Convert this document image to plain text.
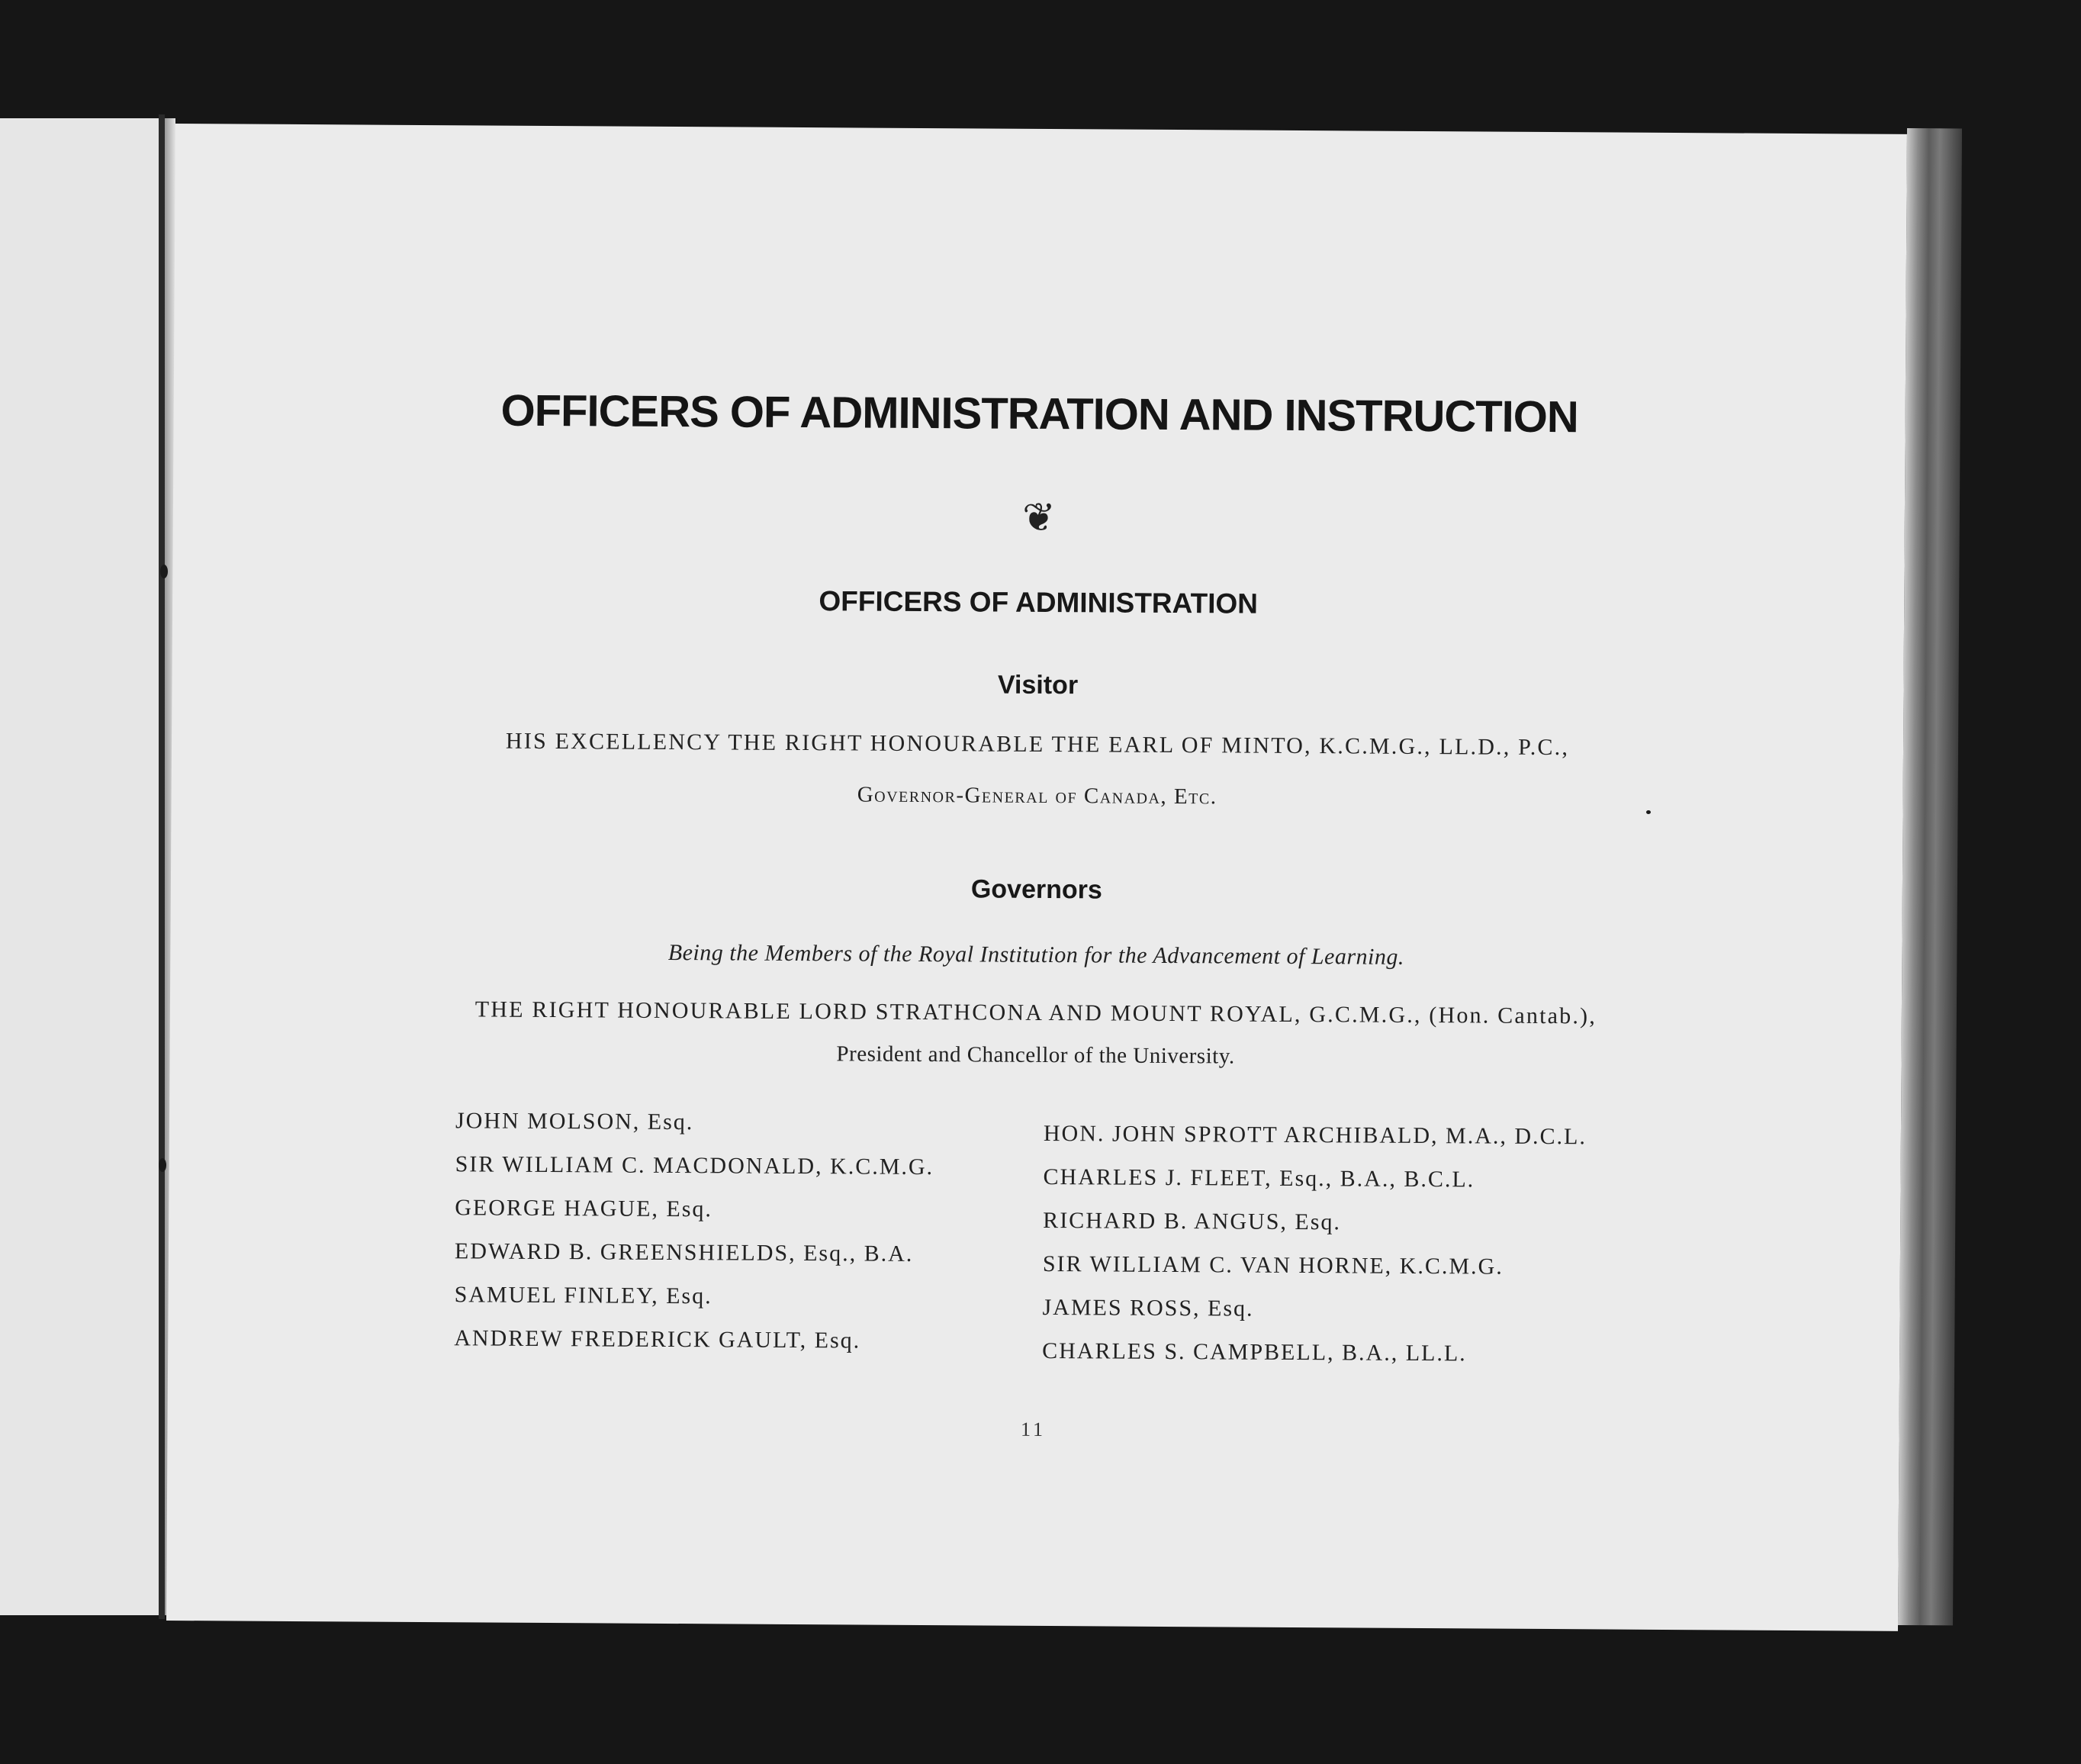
OFFICERS OF ADMINISTRATION AND INSTRUCTION
❦
OFFICERS OF ADMINISTRATION
Visitor
HIS EXCELLENCY THE RIGHT HONOURABLE THE EARL OF MINTO, K.C.M.G., LL.D., P.C.,
Governor-General of Canada, Etc.
Governors
Being the Members of the Royal Institution for the Advancement of Learning.
THE RIGHT HONOURABLE LORD STRATHCONA AND MOUNT ROYAL, G.C.M.G., (Hon. Cantab.),
President and Chancellor of the University.
JOHN MOLSON, Esq.
SIR WILLIAM C. MACDONALD, K.C.M.G.
GEORGE HAGUE, Esq.
EDWARD B. GREENSHIELDS, Esq., B.A.
SAMUEL FINLEY, Esq.
ANDREW FREDERICK GAULT, Esq.
HON. JOHN SPROTT ARCHIBALD, M.A., D.C.L.
CHARLES J. FLEET, Esq., B.A., B.C.L.
RICHARD B. ANGUS, Esq.
SIR WILLIAM C. VAN HORNE, K.C.M.G.
JAMES ROSS, Esq.
CHARLES S. CAMPBELL, B.A., LL.L.
11
